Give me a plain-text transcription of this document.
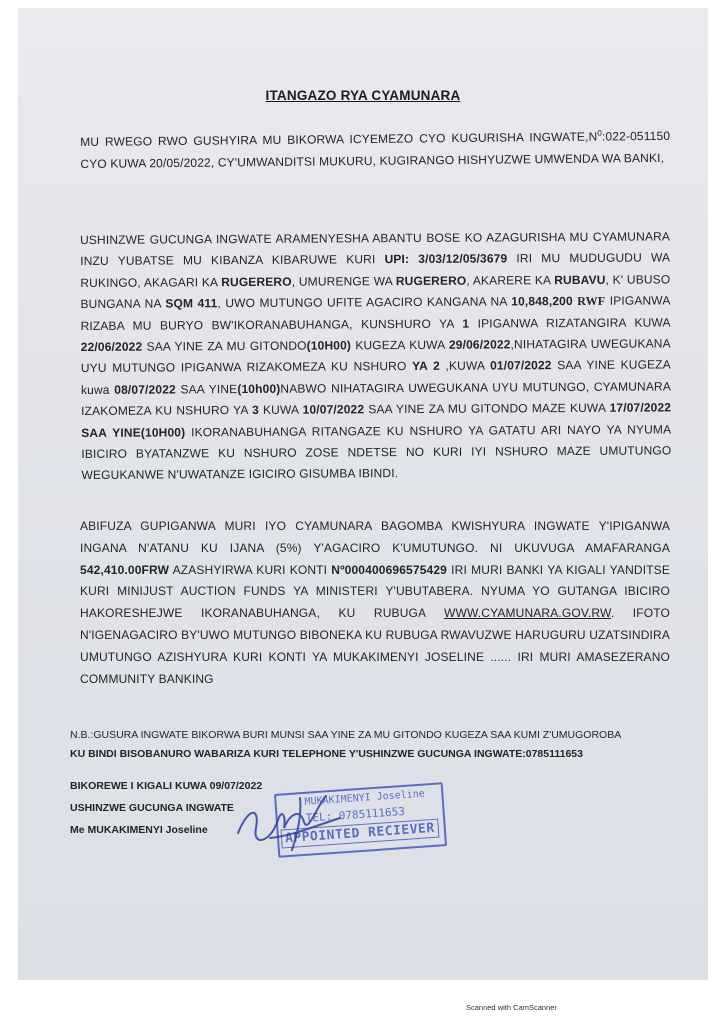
ITANGAZO RYA CYAMUNARA
MU RWEGO RWO GUSHYIRA MU BIKORWA ICYEMEZO CYO KUGURISHA $INGWATE,N^0:022-051150$ CYO KUWA 20/05/2022, CY'UMWANDITSI MUKURU, KUGIRANGO HISHYUZWE UMWENDA WA BANKI,
USHINZWE GUCUNGA INGWATE ARAMENYESHA ABANTU BOSE KO AZAGURISHA MU CYAMUNARA INZU YUBATSE MU KIBANZA KIBARUWE KURI UPI: 3/03/12/05/3679 IRI MU MUDUGUDU WA RUKINGO, AKAGARI KA RUGERERO, UMURENGE WA RUGERERO, AKARERE KA RUBAVU, K' UBUSO BUNGANA NA SQM 411, UWO MUTUNGO UFITE AGACIRO KANGANA NA 10,848,200 RWF IPIGANWA RIZABA MU BURYO BW'IKORANABUHANGA, KUNSHURO YA 1 IPIGANWA RIZATANGIRA KUWA 22/06/2022 SAA YINE ZA MU GITONDO(10H00) KUGEZA KUWA 29/06/2022,NIHATAGIRA UWEGUKANA UYU MUTUNGO IPIGANWA RIZAKOMEZA KU NSHURO YA 2 ,KUWA 01/07/2022 SAA YINE KUGEZA kuwa 08/07/2022 SAA YINE(10h00)NABWO NIHATAGIRA UWEGUKANA UYU MUTUNGO, CYAMUNARA IZAKOMEZA KU NSHURO YA 3 KUWA 10/07/2022 SAA YINE ZA MU GITONDO MAZE KUWA 17/07/2022 SAA YINE(10H00) IKORANABUHANGA RITANGAZE KU NSHURO YA GATATU ARI NAYO YA NYUMA IBICIRO BYATANZWE KU NSHURO ZOSE NDETSE NO KURI IYI NSHURO MAZE UMUTUNGO WEGUKANWE N'UWATANZE IGICIRO GISUMBA IBINDI.
ABIFUZA GUPIGANWA MURI IYO CYAMUNARA BAGOMBA KWISHYURA INGWATE Y'IPIGANWA INGANA N'ATANU KU IJANA (5%) Y'AGACIRO K'UMUTUNGO. NI UKUVUGA AMAFARANGA 542,410.00FRW AZASHYIRWA KURI KONTI Nº000400696575429 IRI MURI BANKI YA KIGALI YANDITSE KURI MINIJUST AUCTION FUNDS YA MINISTERI Y'UBUTABERA. NYUMA YO GUTANGA IBICIRO HAKORESHEJWE IKORANABUHANGA, KU RUBUGA WWW.CYAMUNARA.GOV.RW. IFOTO N'IGENAGACIRO BY'UWO MUTUNGO BIBONEKA KU RUBUGA RWAVUZWE HARUGURU UZATSINDIRA UMUTUNGO AZISHYURA KURI KONTI YA MUKAKIMENYI JOSELINE ...... IRI MURI AMASEZERANO COMMUNITY BANKING
N.B.:GUSURA INGWATE BIKORWA BURI MUNSI SAA YINE ZA MU GITONDO KUGEZA SAA KUMI Z'UMUGOROBA
KU BINDI BISOBANURO WABARIZA KURI TELEPHONE Y'USHINZWE GUCUNGA INGWATE:0785111653
BIKOREWE I KIGALI KUWA 09/07/2022
USHINZWE GUCUNGA INGWATE
Me MUKAKIMENYI Joseline
MUKAKIMENYI Joseline
TEL: 0785111653
APPOINTED RECIEVER
Scanned with CamScanner
